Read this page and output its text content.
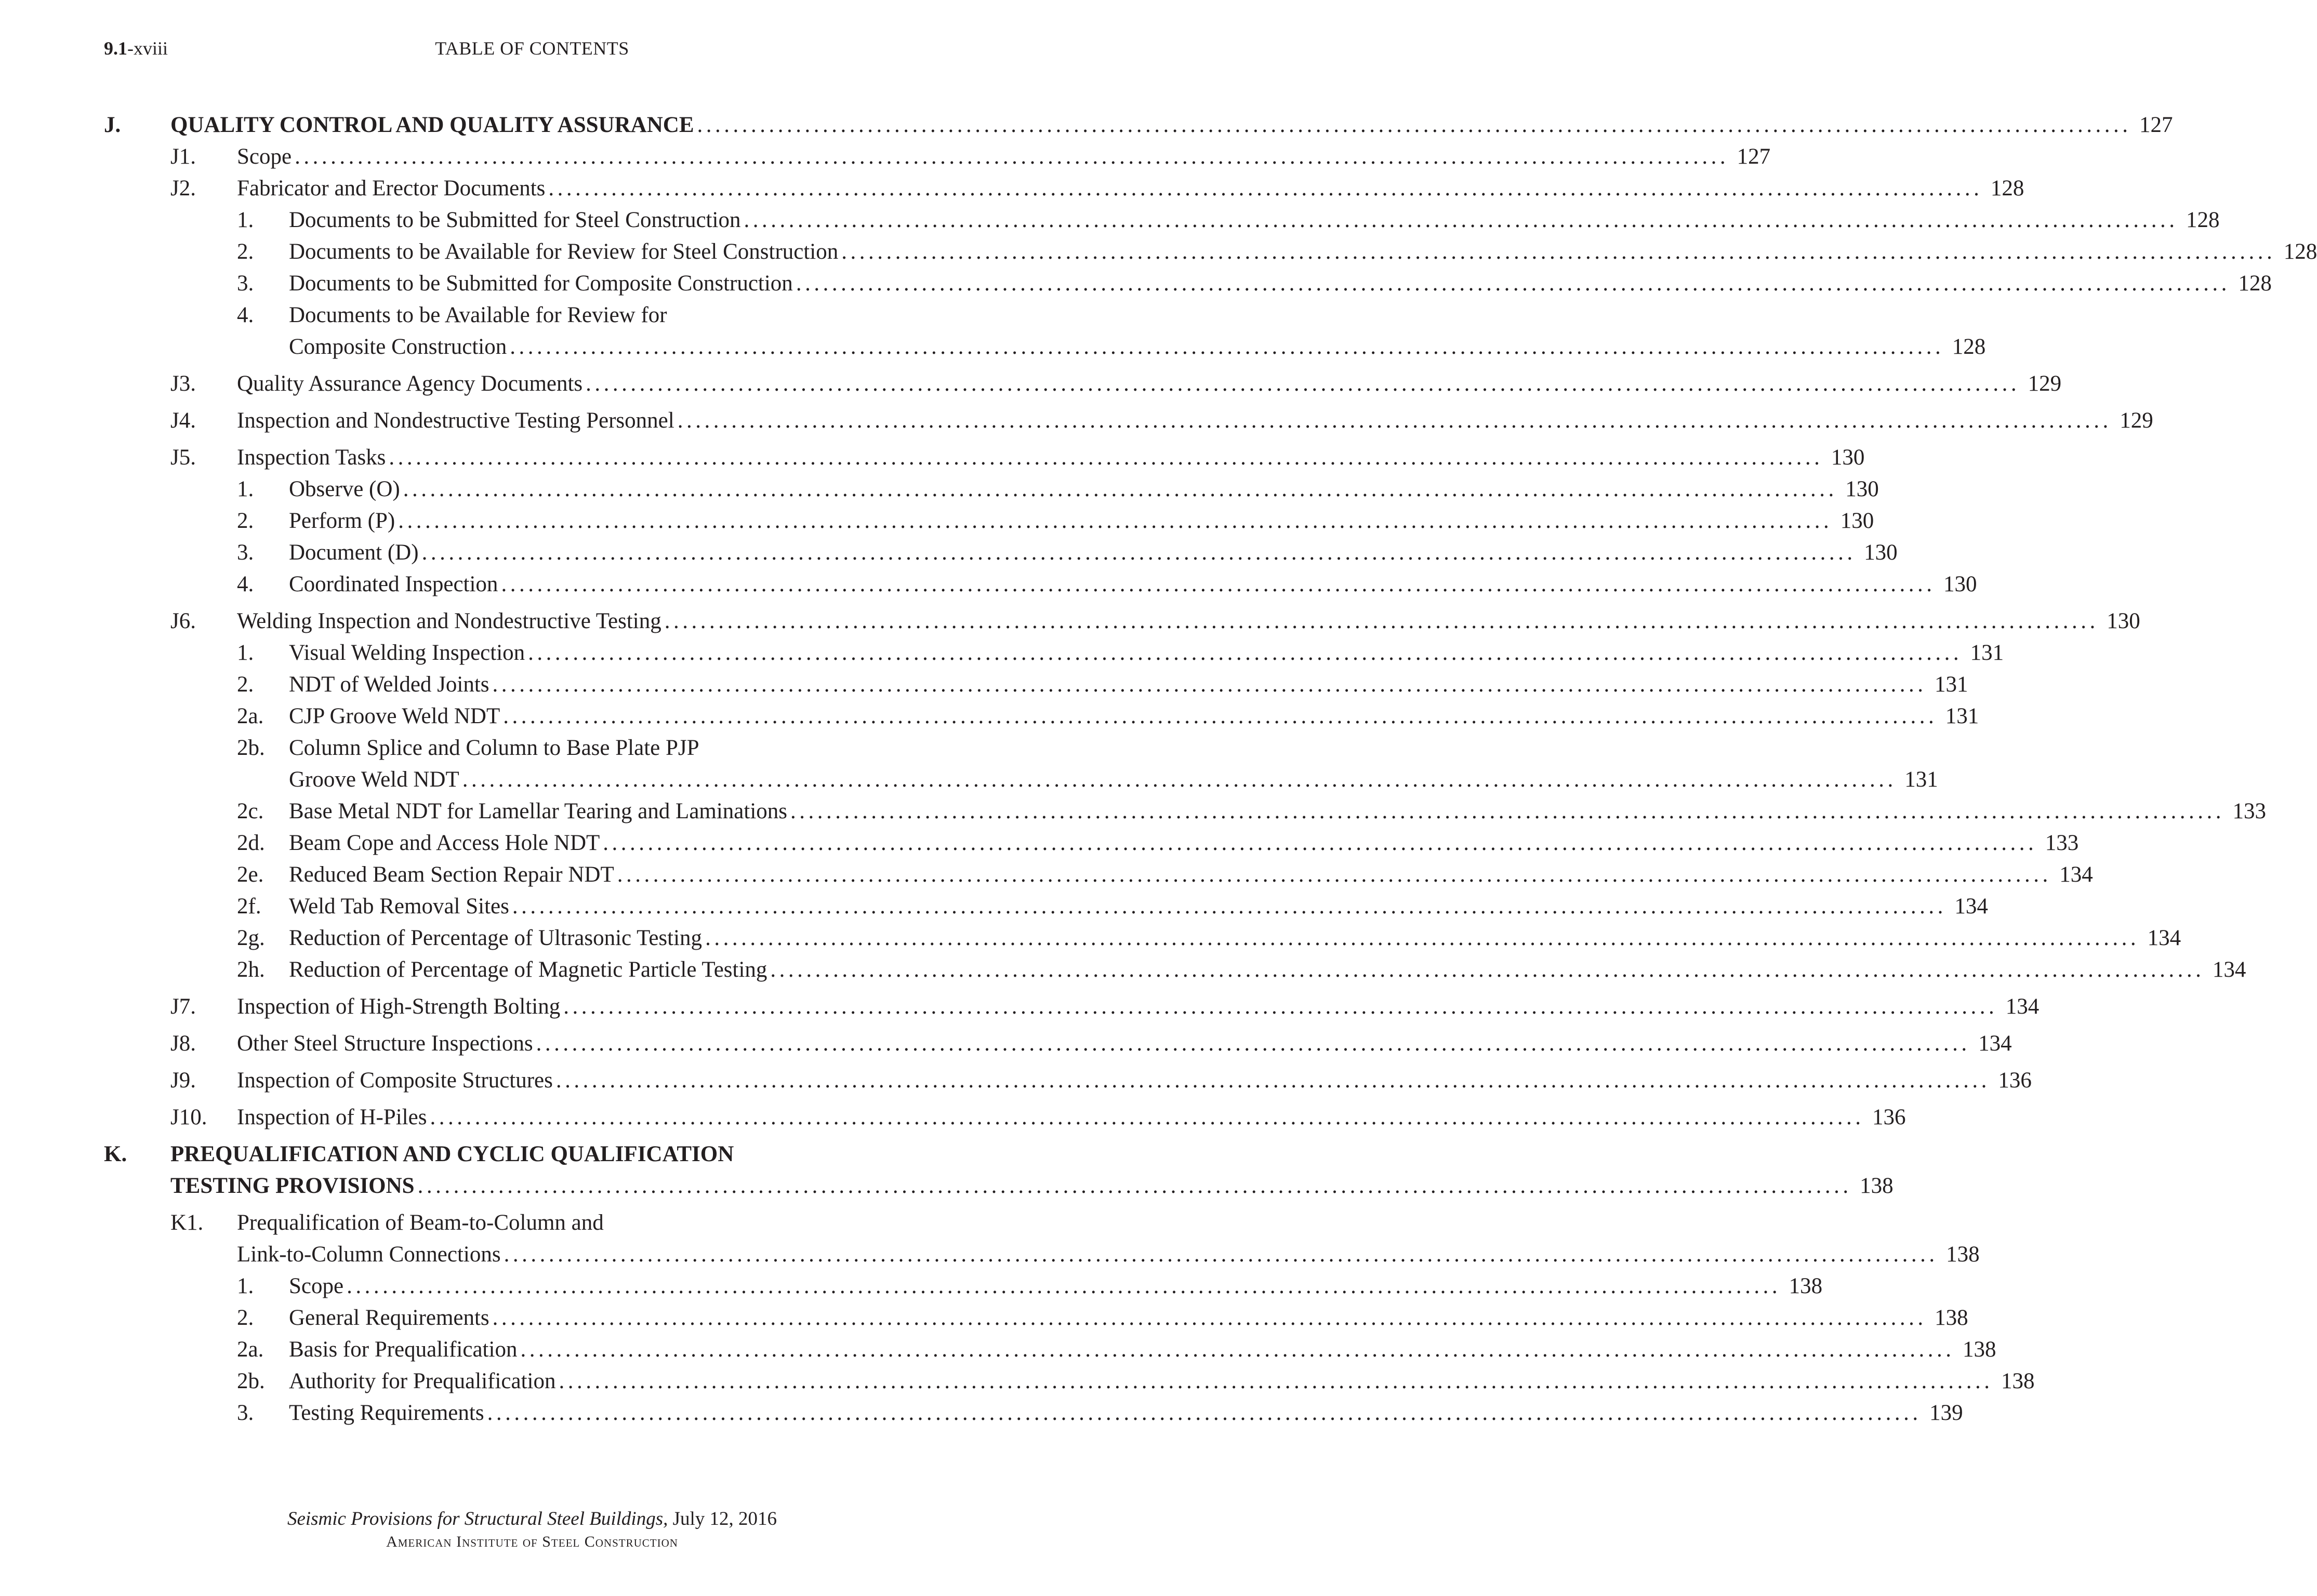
9.1-xviii	TABLE OF CONTENTS
J.	QUALITY CONTROL AND QUALITY ASSURANCE ................................................................................................................................................................ 127
J1.	Scope ................................................................................................................................................................ 127
J2.	Fabricator and Erector Documents ................................................................................................................................................................ 128
1.	Documents to be Submitted for Steel Construction ................................................................................................................................................................ 128
2.	Documents to be Available for Review for Steel Construction ................................................................................................................................................................ 128
3.	Documents to be Submitted for Composite Construction ................................................................................................................................................................ 128
4.	Documents to be Available for Review for
Composite Construction ................................................................................................................................................................ 128
J3.	Quality Assurance Agency Documents ................................................................................................................................................................ 129
J4.	Inspection and Nondestructive Testing Personnel ................................................................................................................................................................ 129
J5.	Inspection Tasks ................................................................................................................................................................ 130
1.	Observe (O) ................................................................................................................................................................ 130
2.	Perform (P) ................................................................................................................................................................ 130
3.	Document (D) ................................................................................................................................................................ 130
4.	Coordinated Inspection ................................................................................................................................................................ 130
J6.	Welding Inspection and Nondestructive Testing ................................................................................................................................................................ 130
1.	Visual Welding Inspection ................................................................................................................................................................ 131
2.	NDT of Welded Joints ................................................................................................................................................................ 131
2a.	CJP Groove Weld NDT ................................................................................................................................................................ 131
2b.	Column Splice and Column to Base Plate PJP
Groove Weld NDT ................................................................................................................................................................ 131
2c.	Base Metal NDT for Lamellar Tearing and Laminations ................................................................................................................................................................ 133
2d.	Beam Cope and Access Hole NDT ................................................................................................................................................................ 133
2e.	Reduced Beam Section Repair NDT ................................................................................................................................................................ 134
2f.	Weld Tab Removal Sites ................................................................................................................................................................ 134
2g.	Reduction of Percentage of Ultrasonic Testing ................................................................................................................................................................ 134
2h.	Reduction of Percentage of Magnetic Particle Testing ................................................................................................................................................................ 134
J7.	Inspection of High-Strength Bolting ................................................................................................................................................................ 134
J8.	Other Steel Structure Inspections ................................................................................................................................................................ 134
J9.	Inspection of Composite Structures ................................................................................................................................................................ 136
J10.	Inspection of H-Piles ................................................................................................................................................................ 136
K.	PREQUALIFICATION AND CYCLIC QUALIFICATION
TESTING PROVISIONS ................................................................................................................................................................ 138
K1.	Prequalification of Beam-to-Column and
Link-to-Column Connections ................................................................................................................................................................ 138
1.	Scope ................................................................................................................................................................ 138
2.	General Requirements ................................................................................................................................................................ 138
2a.	Basis for Prequalification ................................................................................................................................................................ 138
2b.	Authority for Prequalification ................................................................................................................................................................ 138
3.	Testing Requirements ................................................................................................................................................................ 139
Seismic Provisions for Structural Steel Buildings, July 12, 2016
American Institute of Steel Construction
